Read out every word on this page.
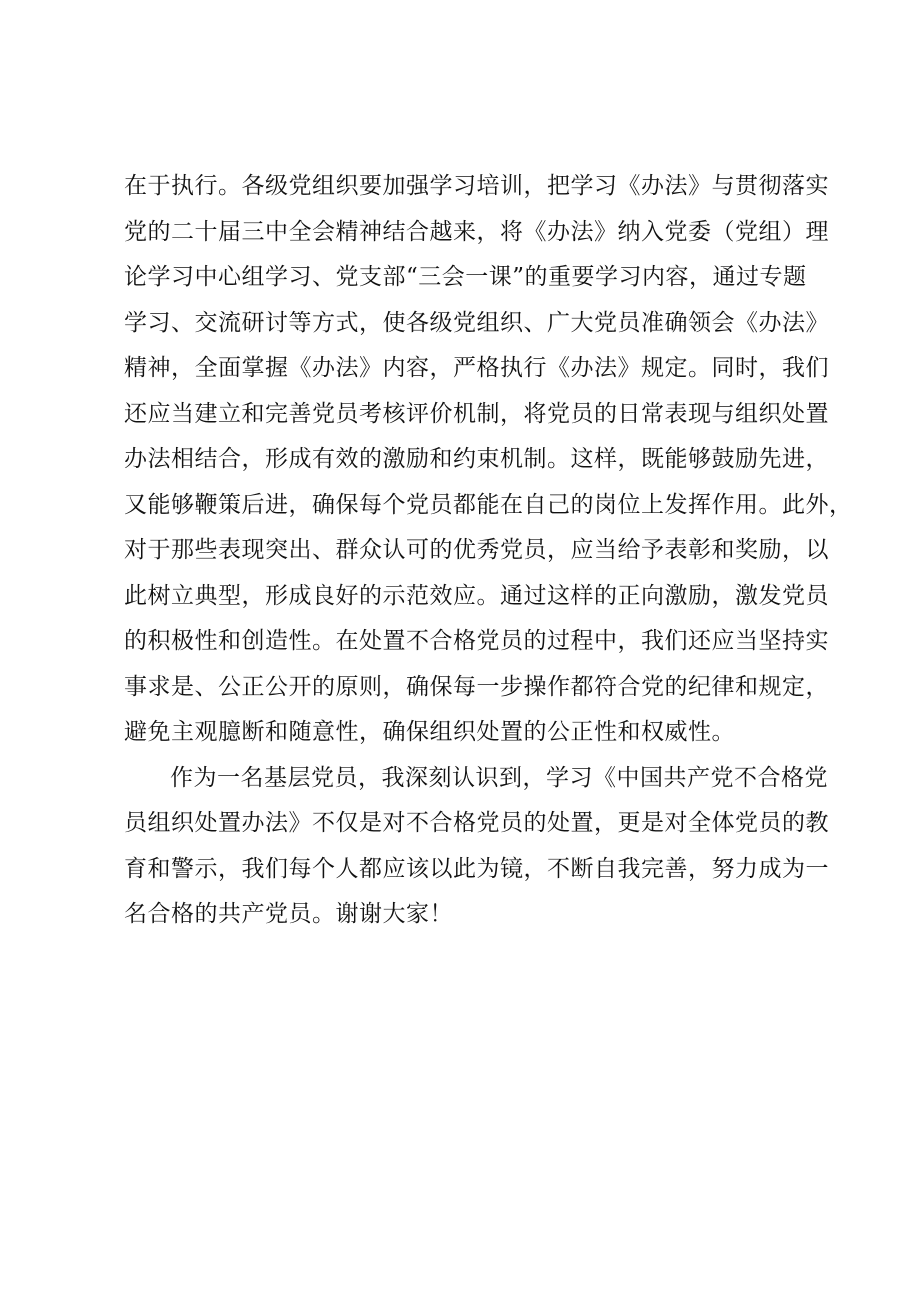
在于执行。各级党组织要加强学习培训，把学习《办法》与贯彻落实
党的二十届三中全会精神结合越来，将《办法》纳入党委（党组）理
论学习中心组学习、党支部“三会一课”的重要学习内容，通过专题
学习、交流研讨等方式，使各级党组织、广大党员准确领会《办法》
精神，全面掌握《办法》内容，严格执行《办法》规定。同时，我们
还应当建立和完善党员考核评价机制，将党员的日常表现与组织处置
办法相结合，形成有效的激励和约束机制。这样，既能够鼓励先进，
又能够鞭策后进，确保每个党员都能在自己的岗位上发挥作用。此外，
对于那些表现突出、群众认可的优秀党员，应当给予表彰和奖励，以
此树立典型，形成良好的示范效应。通过这样的正向激励，激发党员
的积极性和创造性。在处置不合格党员的过程中，我们还应当坚持实
事求是、公正公开的原则，确保每一步操作都符合党的纪律和规定，
避免主观臆断和随意性，确保组织处置的公正性和权威性。
作为一名基层党员，我深刻认识到，学习《中国共产党不合格党
员组织处置办法》不仅是对不合格党员的处置，更是对全体党员的教
育和警示，我们每个人都应该以此为镜，不断自我完善，努力成为一
名合格的共产党员。谢谢大家！
